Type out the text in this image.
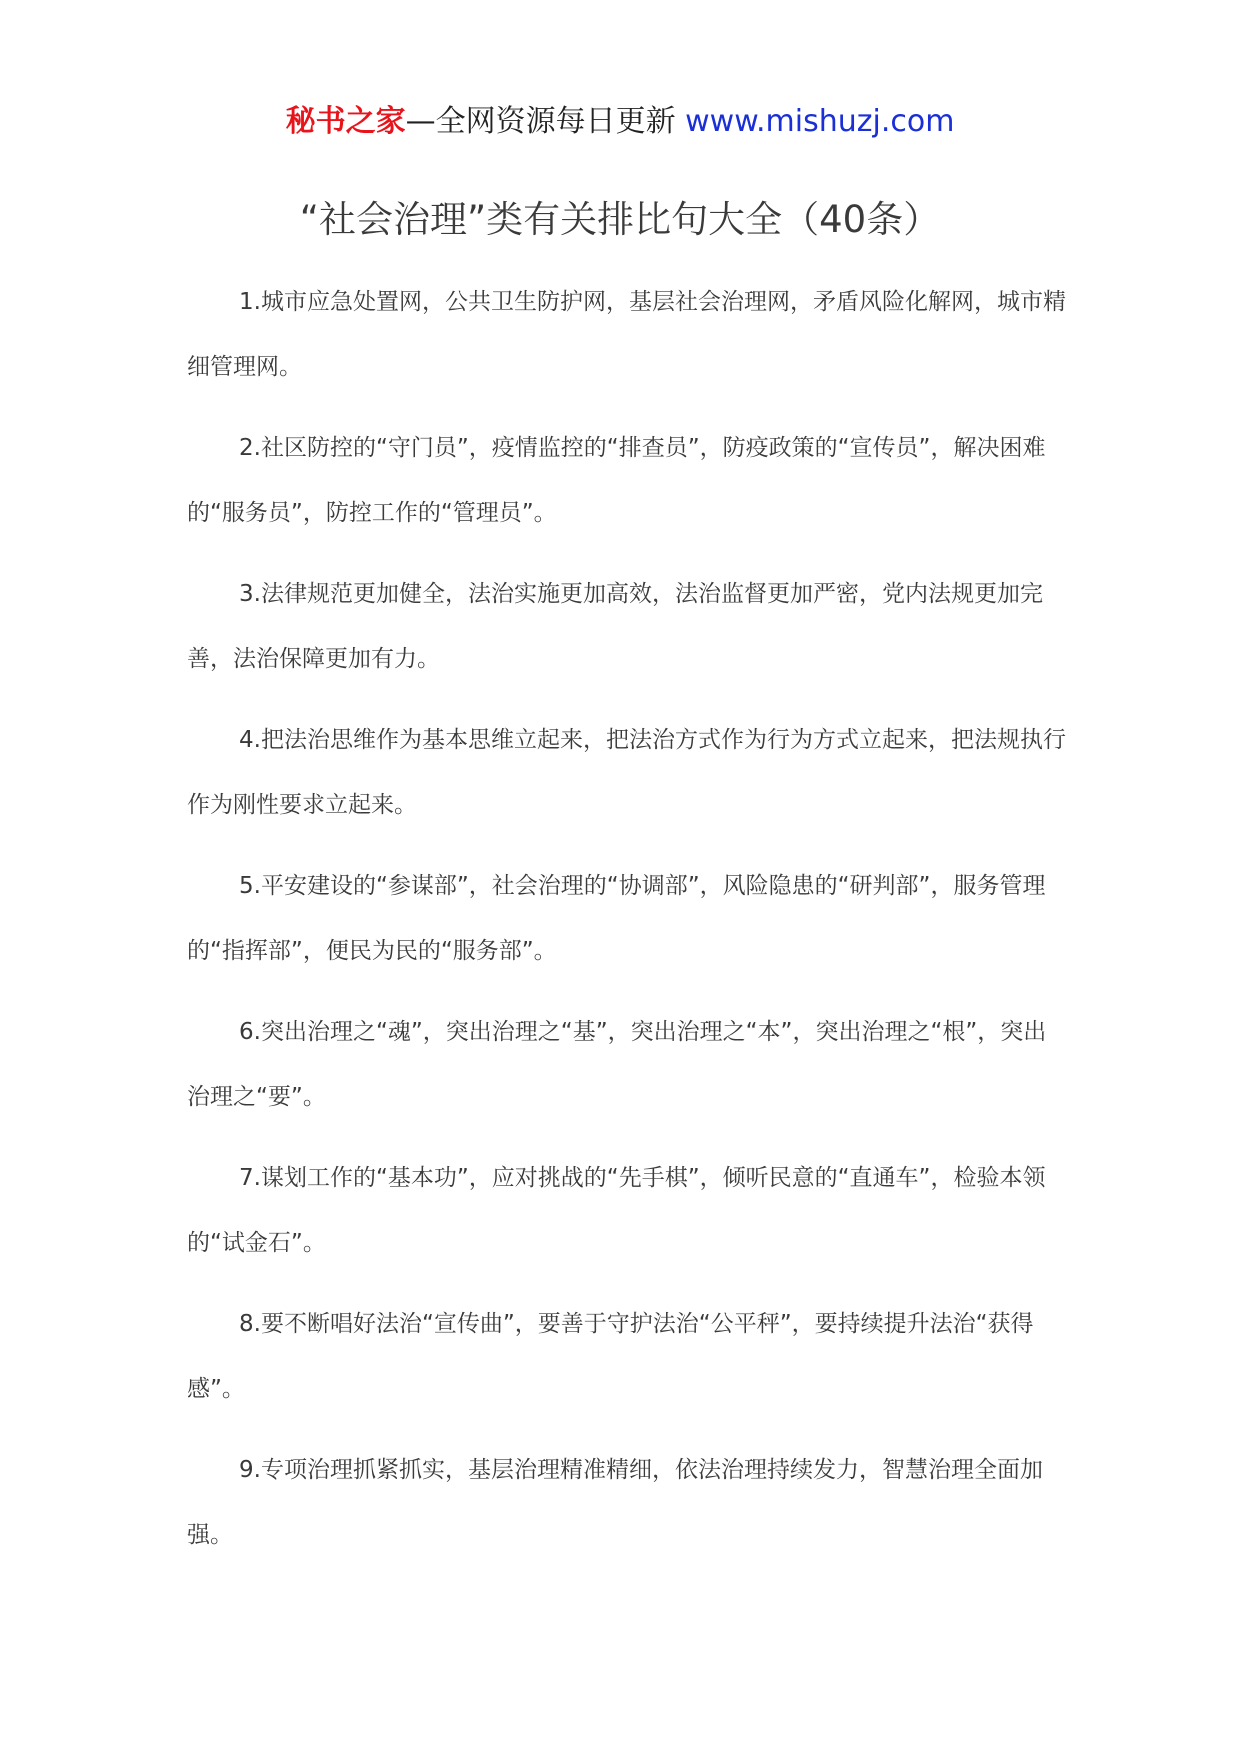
秘书之家—全网资源每日更新 www.mishuzj.com
“社会治理”类有关排比句大全（40条）

1.城市应急处置网，公共卫生防护网，基层社会治理网，矛盾风险化解网，城市精细管理网。

2.社区防控的“守门员”，疫情监控的“排查员”，防疫政策的“宣传员”，解决困难的“服务员”，防控工作的“管理员”。

3.法律规范更加健全，法治实施更加高效，法治监督更加严密，党内法规更加完善，法治保障更加有力。

4.把法治思维作为基本思维立起来，把法治方式作为行为方式立起来，把法规执行作为刚性要求立起来。

5.平安建设的“参谋部”，社会治理的“协调部”，风险隐患的“研判部”，服务管理的“指挥部”，便民为民的“服务部”。

6.突出治理之“魂”，突出治理之“基”，突出治理之“本”，突出治理之“根”，突出治理之“要”。

7.谋划工作的“基本功”，应对挑战的“先手棋”，倾听民意的“直通车”，检验本领的“试金石”。

8.要不断唱好法治“宣传曲”，要善于守护法治“公平秤”，要持续提升法治“获得感”。

9.专项治理抓紧抓实，基层治理精准精细，依法治理持续发力，智慧治理全面加强。
